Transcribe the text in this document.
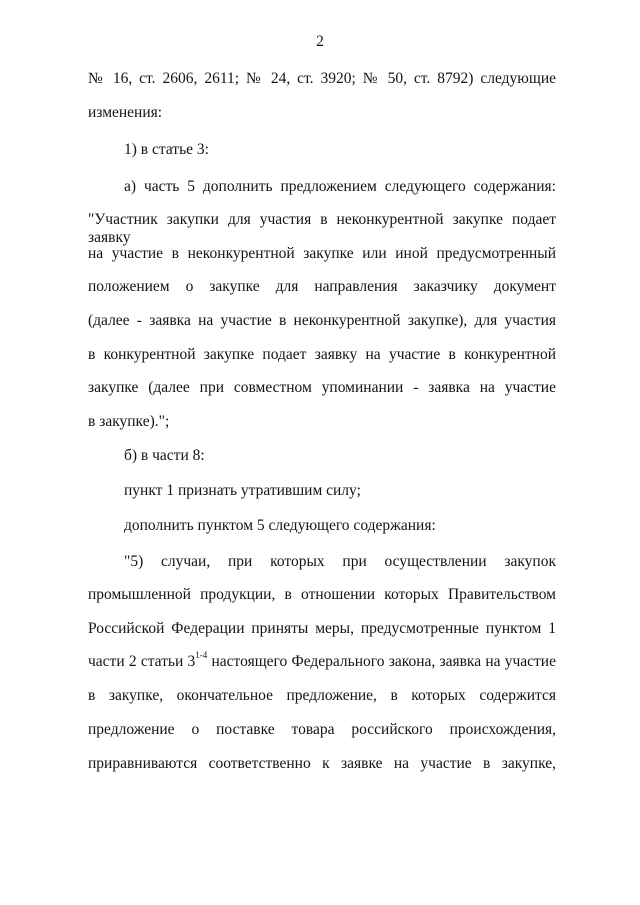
2
№ 16, ст. 2606, 2611; № 24, ст. 3920; № 50, ст. 8792) следующие
изменения:
1) в статье 3:
а) часть 5 дополнить предложением следующего содержания:
"Участник закупки для участия в неконкурентной закупке подает заявку
на участие в неконкурентной закупке или иной предусмотренный
положением о закупке для направления заказчику документ
(далее - заявка на участие в неконкурентной закупке), для участия
в конкурентной закупке подает заявку на участие в конкурентной
закупке (далее при совместном упоминании - заявка на участие
в закупке).";
б) в части 8:
пункт 1 признать утратившим силу;
дополнить пунктом 5 следующего содержания:
"5) случаи, при которых при осуществлении закупок
промышленной продукции, в отношении которых Правительством
Российской Федерации приняты меры, предусмотренные пунктом 1
части 2 статьи 3$^{1-4}$ настоящего Федерального закона, заявка на участие
в закупке, окончательное предложение, в которых содержится
предложение о поставке товара российского происхождения,
приравниваются соответственно к заявке на участие в закупке,
